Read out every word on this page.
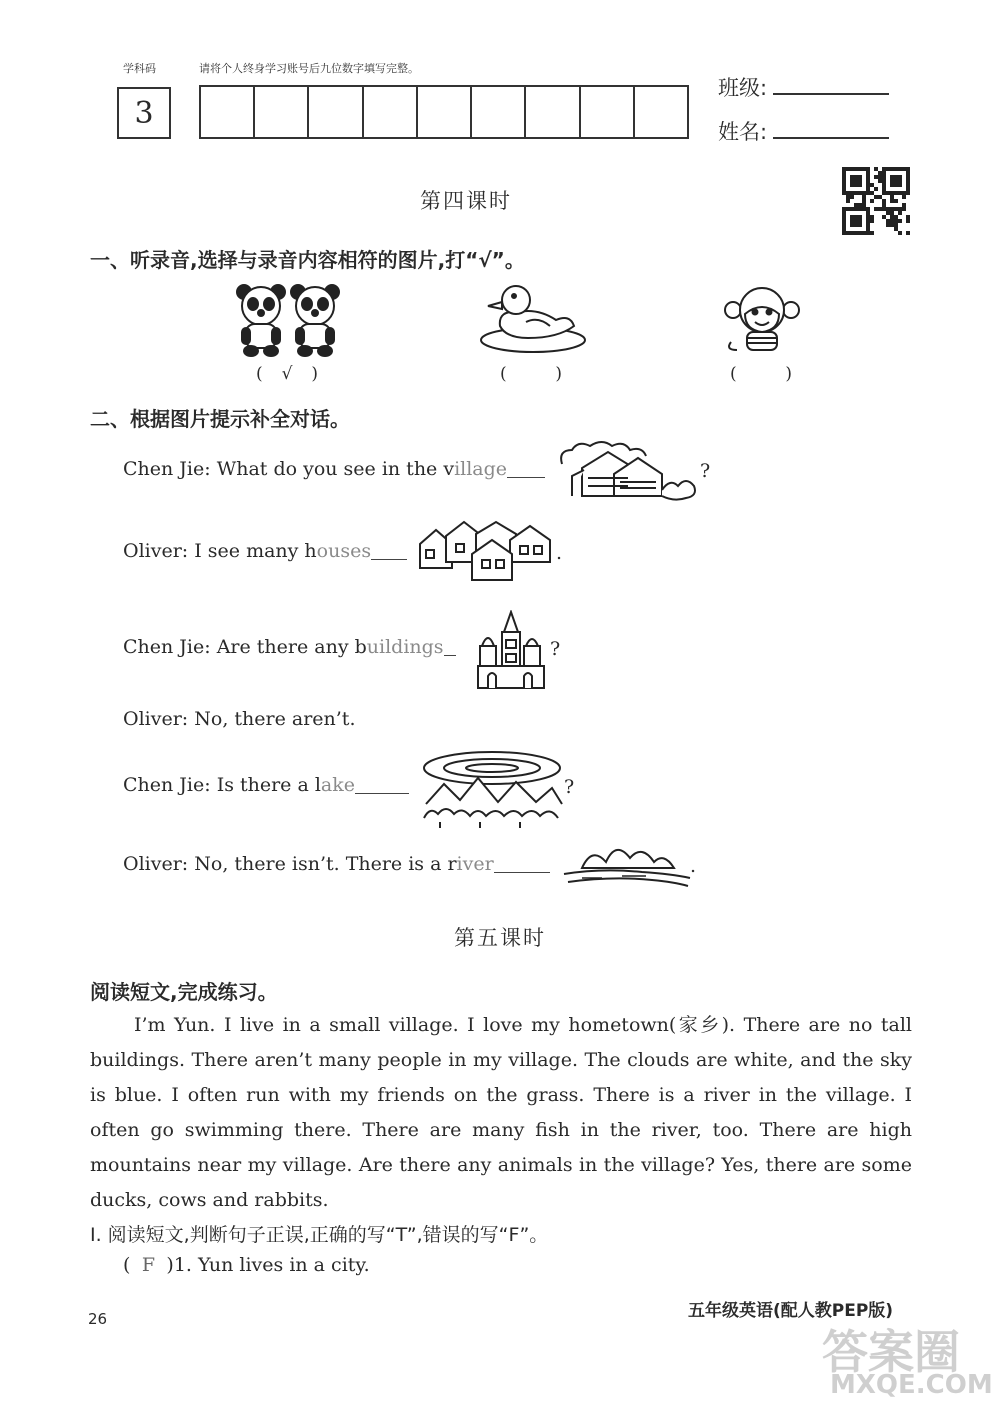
学科码	请将个人终身学习账号后九位数字填写完整。
3
班级:
姓名:
第四课时
一、听录音,选择与录音内容相符的图片,打“√”。
( √ )	(	)	(	)
二、根据图片提示补全对话。
Chen Jie:
What do you see in the v illage	?
Oliver:
I see many h ouses	.
Chen Jie:
Are there any b uildings	?
Oliver:
No, there aren’t.
Chen Jie:
Is there a l ake	?
Oliver:
No, there isn’t. There is a r iver	.
第五课时
阅读短文,完成练习。

I’m Yun. I live in a small village. I love my hometown(家乡). There are no tall buildings. There aren’t many people in my village. The clouds are white, and the sky is blue. I often run with my friends on the grass. There is a river in the village. I often go swimming there. There are many fish in the river, too. There are high mountains near my village. Are there any animals in the village? Yes, there are some ducks, cows and rabbits.

Ⅰ. 阅读短文,判断句子正误,正确的写“T”,错误的写“F”。
( F )1. Yun lives in a city.
26	五年级英语(配人教PEP版)
答案圈
MXQE.COM
